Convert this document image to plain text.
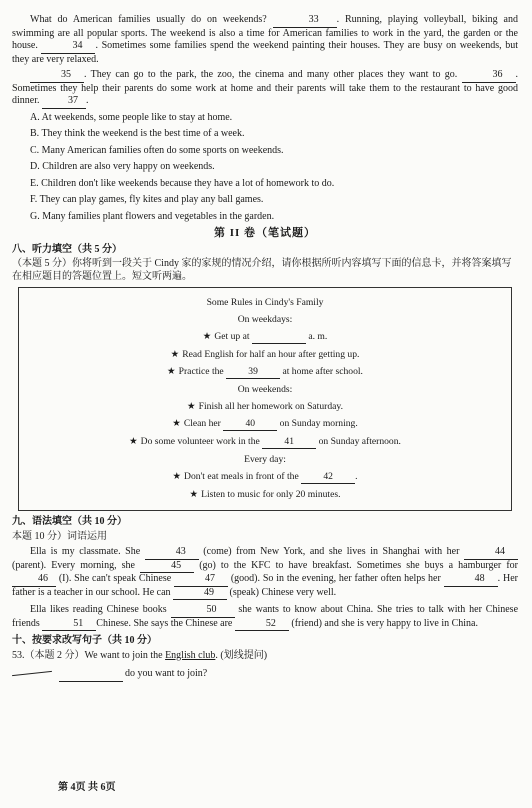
What do American families usually do on weekends?	33 . Running, playing volleyball, biking and swimming are all popular sports. The weekend is also a time for American families to work in the yard, the garden or the house.	34 . Sometimes some families spend the weekend painting their houses. They are busy on weekends, but they are very relaxed.

35 . They can go to the park, the zoo, the cinema and many other places they want to go.	36 . Sometimes they help their parents do some work at home and their parents will take them to the restaurant to have good dinner.	37 .

A. At weekends, some people like to stay at home.

B. They think the weekend is the best time of a week.

C. Many American families often do some sports on weekends.

D. Children are also very happy on weekends.

E. Children don't like weekends because they have a lot of homework to do.

F. They can play games, fly kites and play any ball games.

G. Many families plant flowers and vegetables in the garden.

第 II 卷（笔试题）
八、听力填空（共 5 分）

（本题 5 分）你将听到一段关于 Cindy 家的家规的情况介绍，请你根据所听内容填写下面的信息卡，并将答案填写在相应题目的答题位置上。短文听两遍。

Some Rules in Cindy's Family

On weekdays:

★ Get up at	a. m.

★ Read English for half an hour after getting up.

★ Practice the	39	at home after school.

On weekends:

★ Finish all her homework on Saturday.

★ Clean her	40	on Sunday morning.

★ Do some volunteer work in the	41	on Sunday afternoon.

Every day:

★ Don't eat meals in front of the	42 .

★ Listen to music for only 20 minutes.

九、语法填空（共 10 分）

本题 10 分）词语运用

Ella is my classmate. She	43 (come) from New York, and she lives in Shanghai with her	44 (parent). Every morning, she	45 (go) to the KFC to have breakfast. Sometimes she buys a hamburger for 46 (I). She can't speak Chinese	47 (good). So in the evening, her father often helps her	48 . Her father is a teacher in our school. He can	49 (speak) Chinese very well.

Ella likes reading Chinese books	50 she wants to know about China. She tries to talk with her Chinese friends	51 Chinese. She says the Chinese are	52 (friend) and she is very happy to live in China.

十、按要求改写句子（共 10 分）

53.（本题 2 分）We want to join the English club. (划线提问)

do you want to join?

第 4页 共 6页
